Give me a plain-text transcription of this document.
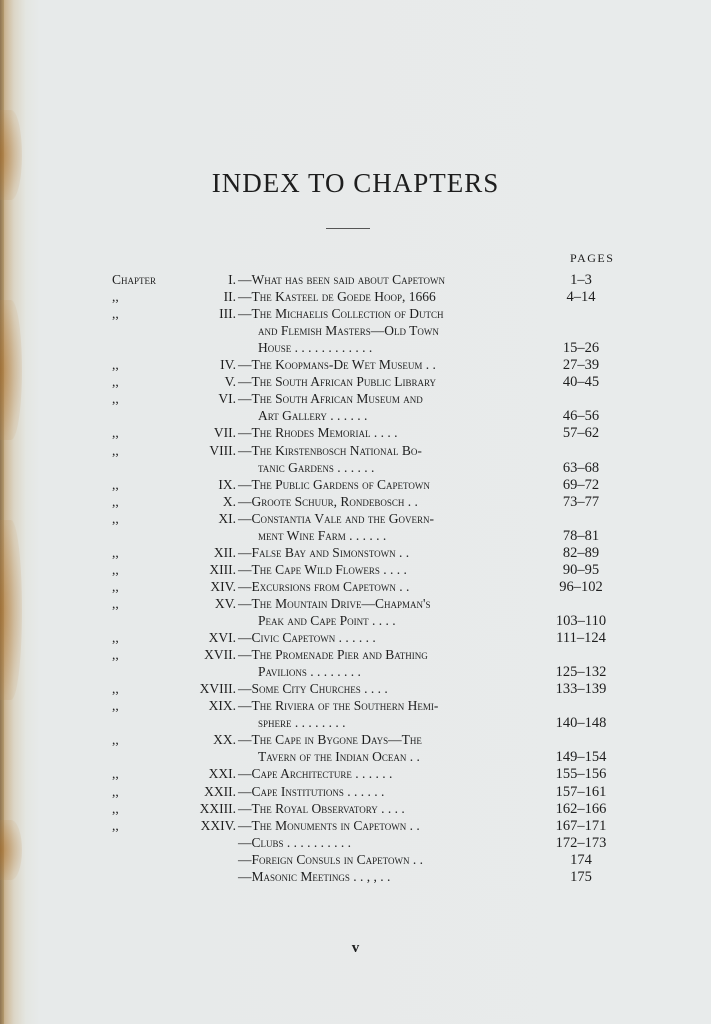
INDEX TO CHAPTERS
PAGES
Chapter	I. —What has been said about Capetown	1–3
,,	II. —The Kasteel de Goede Hoop, 1666	4–14
,,	III. —The Michaelis Collection of Dutch
and Flemish Masters—Old Town
House . . . . . . . . . . . .	15–26
,,	IV. —The Koopmans-De Wet Museum . .	27–39
,,	V. —The South African Public Library	40–45
,,	VI. —The South African Museum and
Art Gallery . . . . . .	46–56
,,	VII. —The Rhodes Memorial . . . .	57–62
,,	VIII. —The Kirstenbosch National Bo-
tanic Gardens . . . . . .	63–68
,,	IX. —The Public Gardens of Capetown	69–72
,,	X. —Groote Schuur, Rondebosch . .	73–77
,,	XI. —Constantia Vale and the Govern-
ment Wine Farm . . . . . .	78–81
,,	XII. —False Bay and Simonstown . .	82–89
,,	XIII. —The Cape Wild Flowers . . . .	90–95
,,	XIV. —Excursions from Capetown . .	96–102
,,	XV. —The Mountain Drive—Chapman's
Peak and Cape Point . . . .	103–110
,,	XVI. —Civic Capetown . . . . . .	111–124
,,	XVII. —The Promenade Pier and Bathing
Pavilions . . . . . . . .	125–132
,,	XVIII. —Some City Churches . . . .	133–139
,,	XIX. —The Riviera of the Southern Hemi-
sphere . . . . . . . .	140–148
,,	XX. —The Cape in Bygone Days—The
Tavern of the Indian Ocean . .	149–154
,,	XXI. —Cape Architecture . . . . . .	155–156
,,	XXII. —Cape Institutions . . . . . .	157–161
,,	XXIII. —The Royal Observatory . . . .	162–166
,,	XXIV. —The Monuments in Capetown . .	167–171
—Clubs . . . . . . . . . .	172–173
—Foreign Consuls in Capetown . .	174
—Masonic Meetings . . , , . .	175
v
